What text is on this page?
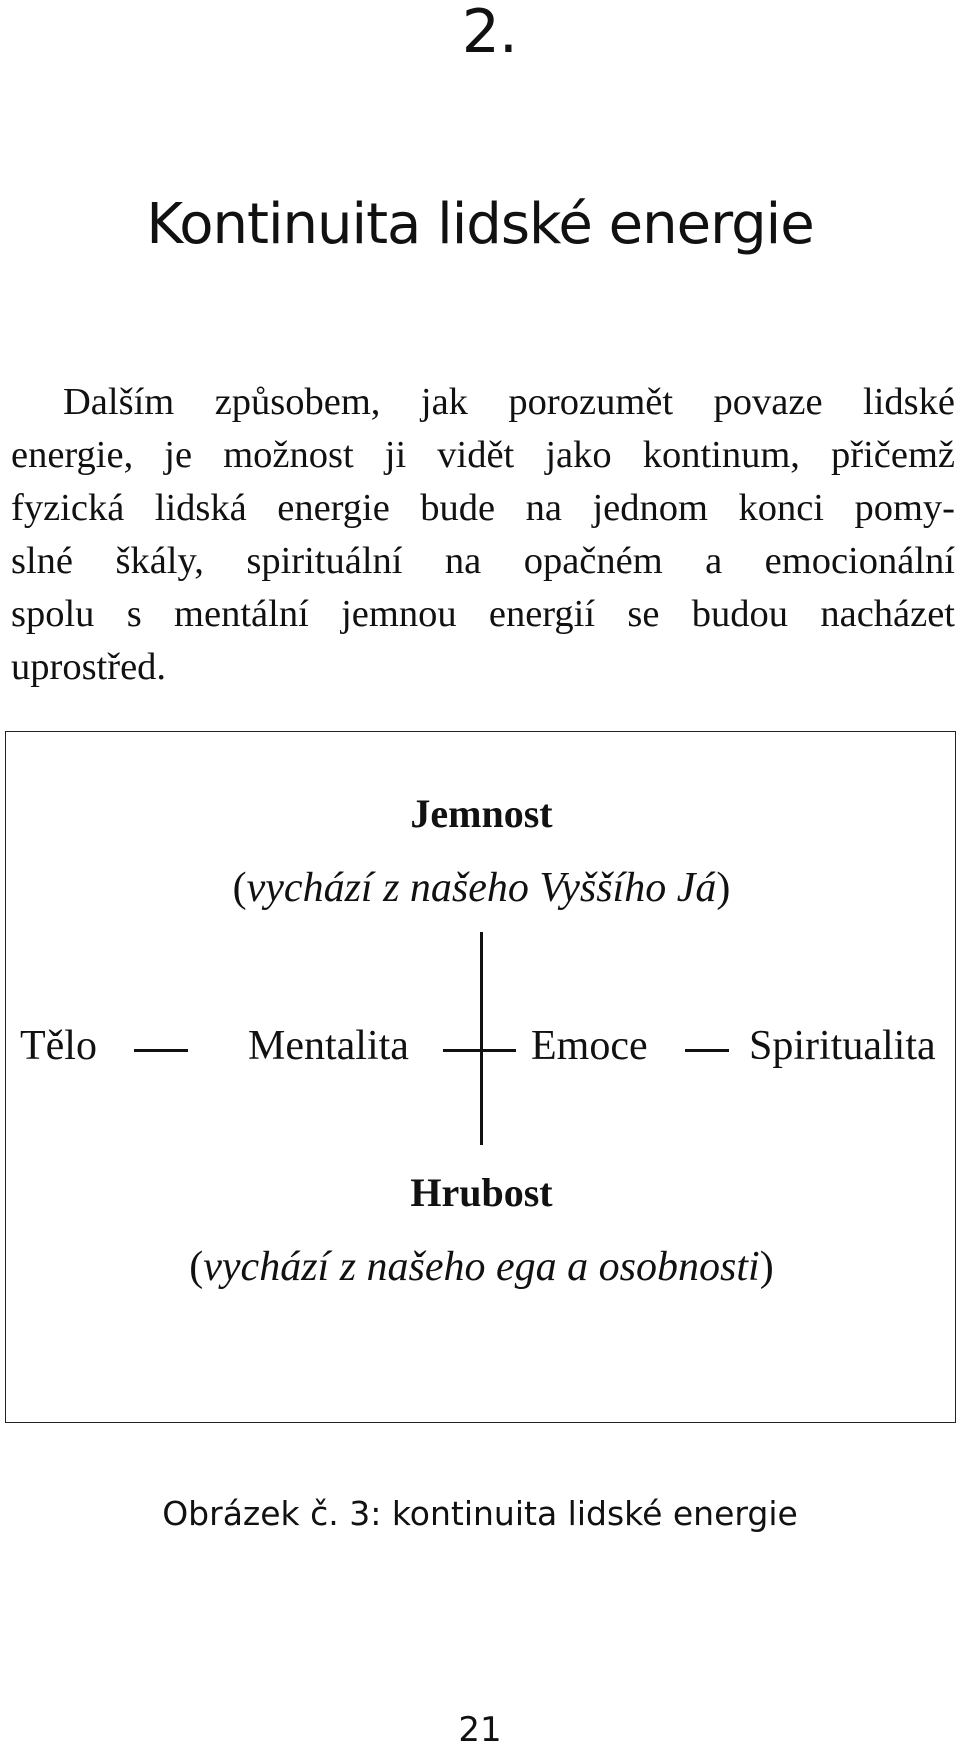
2.
Kontinuita lidské energie
Dalším způsobem, jak porozumět povaze lidské
energie, je možnost ji vidět jako kontinum, přičemž
fyzická lidská energie bude na jednom konci pomy-
slné škály, spirituální na opačném a emocionální
spolu s mentální jemnou energií se budou nacházet
uprostřed.
Jemnost
(vychází z našeho Vyššího Já)
Tělo	Mentalita	Emoce Spiritualita
Hrubost
(vychází z našeho ega a osobnosti)
Obrázek č. 3: kontinuita lidské energie
21
